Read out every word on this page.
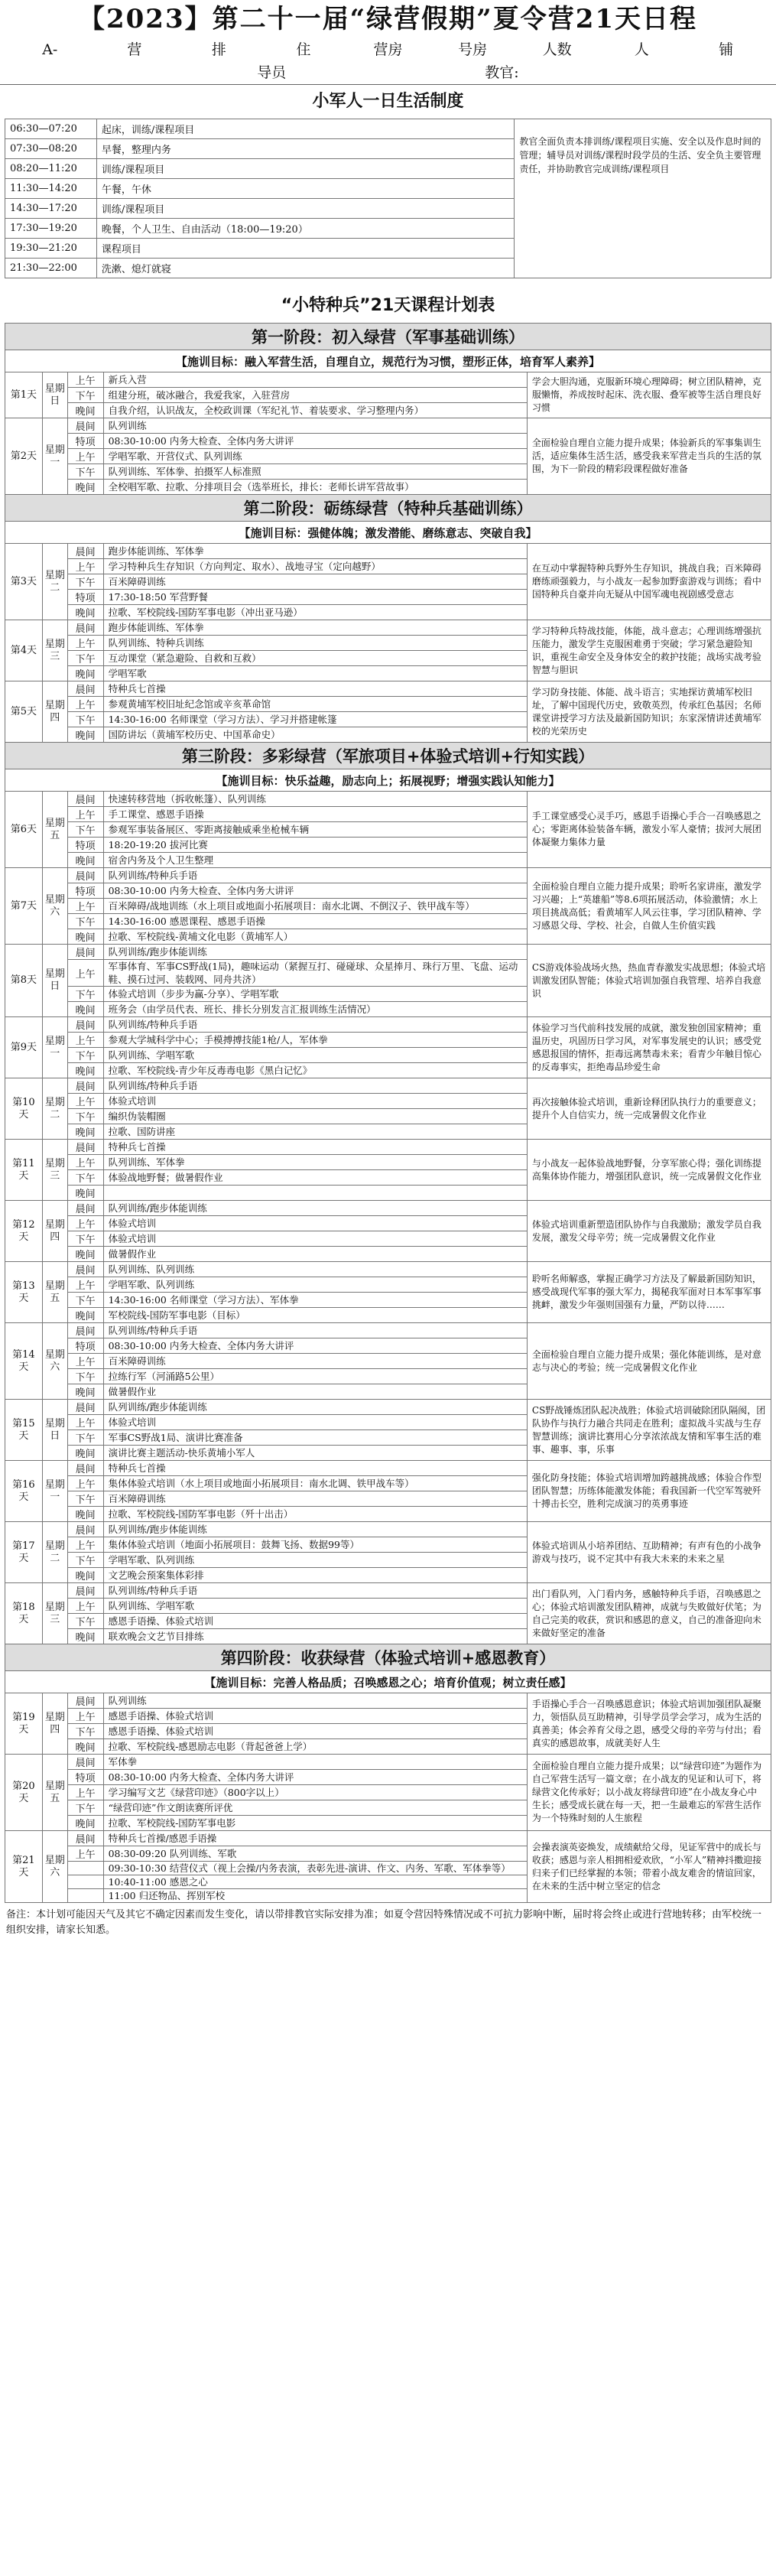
【2023】第二十一届“绿营假期”夏令营21天日程
A-	营	排	住	营房	号房	人数	人	铺
导员	教官:
小军人一日生活制度
06:30—07:20	起床，训练/课程项目	教官全面负责本排训练/课程项目实施、安全以及作息时间的管理；辅导员对训练/课程时段学员的生活、安全负主要管理责任，并协助教官完成训练/课程项目
07:30—08:20	早餐，整理内务	
08:20—11:20	训练/课程项目	
11:30—14:20	午餐，午休	
14:30—17:20	训练/课程项目	
17:30—19:20	晚餐，个人卫生、自由活动（18:00—19:20）	
19:30—21:20	课程项目	
21:30—22:00	洗漱、熄灯就寝	
“小特种兵”21天课程计划表
第一阶段：初入绿营（军事基础训练）				
【施训目标：融入军营生活，自理自立，规范行为习惯，塑形正体，培育军人素养】				
第1天	星期日	上午	新兵入营	学会大胆沟通，克服新环境心理障碍；树立团队精神，克服懒惰，养成按时起床、洗衣服、叠军被等生活自理良好习惯
		下午	组建分班，破冰融合，我爱我家，入驻营房	
		晚间	自我介绍，认识战友，全校政训课（军纪礼节、着装要求、学习整理内务）	
第2天	星期一	晨间	队列训练	全面检验自理自立能力提升成果；体验新兵的军事集训生活，适应集体生活生活，感受我来军营走当兵的生活的氛围，为下一阶段的精彩段课程做好准备
		特项	08:30-10:00 内务大检查、全体内务大讲评	
		上午	学唱军歌、开营仪式、队列训练	
		下午	队列训练、军体拳、拍摄军人标准照	
		晚间	全校唱军歌、拉歌、分排项目会（选举班长，排长：老师长讲军营故事）	
第二阶段：砺练绿营（特种兵基础训练）				
【施训目标：强健体魄；激发潜能、磨练意志、突破自我】				
第3天	星期二	晨间	跑步体能训练、军体拳	在互动中掌握特种兵野外生存知识，挑战自我；百米障碍磨练顽强毅力，与小战友一起参加野蛮游戏与训练；看中国特种兵自豪并向无疑从中国军魂电视剧感受意志
		上午	学习特种兵生存知识（方向判定、取水）、战地寻宝（定向越野）	
		下午	百米障碍训练	
		特项	17:30-18:50 军营野餐	
		晚间	拉歌、军校院线-国防军事电影（冲出亚马逊）	
第4天	星期三	晨间	跑步体能训练、军体拳	学习特种兵特战技能，体能，战斗意志；心理训练增强抗压能力，激发学生克服困难勇于突破；学习紧急避险知识，重视生命安全及身体安全的救护技能；战场实战考验智慧与胆识
		上午	队列训练、特种兵训练	
		下午	互动课堂（紧急避险、自救和互救）	
		晚间	学唱军歌	
第5天	星期四	晨间	特种兵七首操	学习防身技能、体能、战斗语言；实地探访黄埔军校旧址，了解中国现代历史，致敬英烈，传承红色基因；名师课堂讲授学习方法及最新国防知识；东家深情讲述黄埔军校的光荣历史
		上午	参观黄埔军校旧址纪念馆或辛亥革命馆	
		下午	14:30-16:00 名师课堂（学习方法）、学习并搭建帐篷	
		晚间	国防讲坛（黄埔军校历史、中国革命史）	
第三阶段：多彩绿营（军旅项目+体验式培训+行知实践）				
【施训目标：快乐益趣，励志向上；拓展视野；增强实践认知能力】				
第6天	星期五	晨间	快速转移营地（拆收帐篷）、队列训练	手工课堂感受心灵手巧，感恩手语操心手合一召唤感恩之心；零距离体验装备车辆，激发小军人豪情；拔河大展团体凝聚力集体力量
		上午	手工课堂、感恩手语操	
		下午	参观军事装备展区、零距离接触威乘坐枪械车辆	
		特项	18:20-19:20 拔河比赛	
		晚间	宿舍内务及个人卫生整理	
第7天	星期六	晨间	队列训练/特种兵手语	全面检验自理自立能力提升成果；聆听名家讲座，激发学习兴趣；上“英雄船”等8.6项拓展活动，体验激情；水上项目挑战高低；看黄埔军人风云往事，学习团队精神、学习感恩父母、学校、社会，自做人生价值实践
		特项	08:30-10:00 内务大检查、全体内务大讲评	
		上午	百米障碍/战地训练（水上项目或地面小拓展项目：南水北调、不倒汉子、铁甲战车等）	
		下午	14:30-16:00 感恩课程、感恩手语操	
		晚间	拉歌、军校院线-黄埔文化电影（黄埔军人）	
第8天	星期日	晨间	队列训练/跑步体能训练	CS游戏体验战场火热，热血青春激发实战思想；体验式培训激发团队智能；体验式培训加强自我管理、培养自我意识
		上午	军事体育、军事CS野战(1局)，趣味运动（紧握互打、碰碰球、众星捧月、珠行万里、飞盘、运动鞋、摸石过河、装载网、同舟共济）	
		下午	体验式培训（步步为赢-分享）、学唱军歌	
		晚间	班务会（由学员代表、班长、排长分别发言汇报训练生活情况）	
第9天	星期一	晨间	队列训练/特种兵手语	体验学习当代前科技发展的成就，激发独创国家精神；重温历史，巩固历日学习风，对军事发展史的认识；感受党感恩报国的情怀，拒毒远离禁毒未来；看青少年触目惊心的反毒事实，拒绝毒品珍爱生命
		上午	参观大学城科学中心；手模搏搏技能1枪/人，军体拳	
		下午	队列训练、学唱军歌	
		晚间	拉歌、军校院线-青少年反毒毒电影《黑白记忆》	
第10天	星期二	晨间	队列训练/特种兵手语	再次接触体验式培训，重新诠释团队执行力的重要意义；提升个人自信实力，统一完成暑假文化作业
		上午	体验式培训	
		下午	编织伪装帽圈	
		晚间	拉歌、国防讲座	
第11天	星期三	晨间	特种兵七首操	与小战友一起体验战地野餐，分享军旅心得；强化训练提高集体协作能力，增强团队意识，统一完成暑假文化作业
		上午	队列训练、军体拳	
		下午	体验战地野餐；做暑假作业	
		晚间		
第12天	星期四	晨间	队列训练/跑步体能训练	体验式培训重新塑造团队协作与自我激励；激发学员自我发展，激发父母辛劳；统一完成暑假文化作业
		上午	体验式培训	
		下午	体验式培训	
		晚间	做暑假作业	
第13天	星期五	晨间	队列训练、队列训练	聆听名师解惑，掌握正确学习方法及了解最新国防知识，感受战现代军事的强大军力，揭秘我军面对日本军事军事挑衅，激发少年强则国强有力量，严防以待……
		上午	学唱军歌、队列训练	
		下午	14:30-16:00 名师课堂（学习方法）、军体拳	
		晚间	军校院线-国防军事电影（目标）	
第14天	星期六	晨间	队列训练/特种兵手语	全面检验自理自立能力提升成果；强化体能训练，是对意志与决心的考验；统一完成暑假文化作业
		特项	08:30-10:00 内务大检查、全体内务大讲评	
		上午	百米障碍训练	
		下午	拉练行军（河涌路5公里）	
		晚间	做暑假作业	
第15天	星期日	晨间	队列训练/跑步体能训练	CS野战锤炼团队起决战胜；体验式培训破除团队隔阂，团队协作与执行力融合共同走在胜利；虚拟战斗实战与生存智慧训练；演讲比赛用心分享浓浓战友情和军事生活的难事、趣事、事，乐事
		上午	体验式培训	
		下午	军事CS野战1局、演讲比赛准备	
		晚间	演讲比赛主题活动-快乐黄埔小军人	
第16天	星期一	晨间	特种兵七首操	强化防身技能；体验式培训增加跨越挑战感；体验合作型团队智慧；历练体能激发体能；看我国新一代空军驾驶歼十搏击长空，胜利完成演习的英勇事迹
		上午	集体体验式培训（水上项目或地面小拓展项目：南水北调、铁甲战车等）	
		下午	百米障碍训练	
		晚间	拉歌、军校院线-国防军事电影（歼十出击）	
第17天	星期二	晨间	队列训练/跑步体能训练	体验式培训从小培养团结、互助精神；有声有色的小战争游戏与技巧，说不定其中有我大未来的未来之星
		上午	集体体验式培训（地面小拓展项目：鼓舞飞扬、数据99等）	
		下午	学唱军歌、队列训练	
		晚间	文艺晚会预案集体彩排	
第18天	星期三	晨间	队列训练/特种兵手语	出门看队列，入门看内务，感触特种兵手语，召唤感恩之心；体验式培训激发团队精神，成就与失败做好伏笔；为自己完美的收获，赏识和感恩的意义，自己的准备迎向未来做好坚定的准备
		上午	队列训练、学唱军歌	
		下午	感恩手语操、体验式培训	
		晚间	联欢晚会文艺节目排练	
第四阶段：收获绿营（体验式培训+感恩教育）				
【施训目标：完善人格品质；召唤感恩之心；培育价值观；树立责任感】				
第19天	星期四	晨间	队列训练	手语操心手合一召唤感恩意识；体验式培训加强团队凝聚力，领悟队员互助精神，引导学员学会学习，成为生活的真善美；体会养育父母之恩，感受父母的辛劳与付出；看真实的感恩故事，成就美好人生
		上午	感恩手语操、体验式培训	
		下午	感恩手语操、体验式培训	
		晚间	拉歌、军校院线-感恩励志电影（背起爸爸上学）	
第20天	星期五	晨间	军体拳	全面检验自理自立能力提升成果；以“绿营印迹”为题作为自己军营生活写一篇文章；在小战友的见证和认可下，将绿营文化传承好；以小战友将绿营印迹”在小战友身心中生长；感受成长就在每一天，把一生最难忘的军营生活作为一个特殊时刻的人生旅程
		特项	08:30-10:00 内务大检查、全体内务大讲评	
		上午	学习编写文艺《绿营印迹》（800字以上）	
		下午	“绿营印迹”作文朗读赛所评优	
		晚间	拉歌、军校院线-国防军事电影	
第21天	星期六	晨间	特种兵七首操/感恩手语操	会操表演英姿焕发，成绩献给父母，见证军营中的成长与收获；感恩与亲人相拥相爱欢欣，“小军人”精神抖擞迎接归来子们已经掌握的本领；带着小战友难舍的情谊回家，在未来的生活中树立坚定的信念
		上午	08:30-09:20 队列训练、军歌	
			09:30-10:30 结营仪式（视上会操/内务表演，表彰先进-演讲、作文、内务、军歌、军体拳等）	
			10:40-11:00 感恩之心	
			11:00 归还物品、挥别军校	
备注：本计划可能因天气及其它不确定因素而发生变化，请以带排教官实际安排为准；如夏令营因特殊情况或不可抗力影响中断，届时将会终止或进行营地转移；由军校统一组织安排，请家长知悉。
